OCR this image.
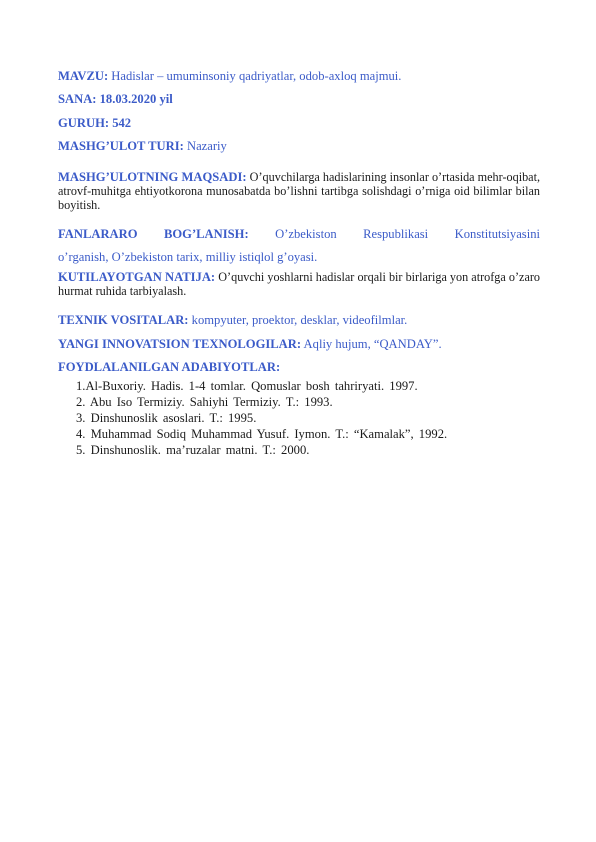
MAVZU: Hadislar – umuminsoniy qadriyatlar, odob-axloq majmui.
SANA: 18.03.2020 yil
GURUH: 542
MASHG’ULOT TURI: Nazariy
MASHG’ULOTNING MAQSADI: O’quvchilarga hadislarining insonlar o’rtasida mehr-oqibat, atrovf-muhitga ehtiyotkorona munosabatda bo’lishni tartibga solishdagi o’rniga oid bilimlar bilan boyitish.
FANLARARO BOG’LANISH: O’zbekiston Respublikasi Konstitutsiyasini
o’rganish, O’zbekiston tarix, milliy istiqlol g’oyasi.
KUTILAYOTGAN NATIJA: O’quvchi yoshlarni hadislar orqali bir birlariga yon atrofga o’zaro hurmat ruhida tarbiyalash.
TEXNIK VOSITALAR: kompyuter, proektor, desklar, videofilmlar.
YANGI INNOVATSION TEXNOLOGILAR: Aqliy hujum, “QANDAY”.
FOYDLALANILGAN ADABIYOTLAR:
1.Al-Buxoriy. Hadis. 1-4 tomlar. Qomuslar bosh tahriryati. 1997.
2. Abu Iso Termiziy. Sahiyhi Termiziy. T.: 1993.
3. Dinshunoslik asoslari. T.: 1995.
4. Muhammad Sodiq Muhammad Yusuf. Iymon. T.: “Kamalak”, 1992.
5. Dinshunoslik. ma’ruzalar matni. T.: 2000.
